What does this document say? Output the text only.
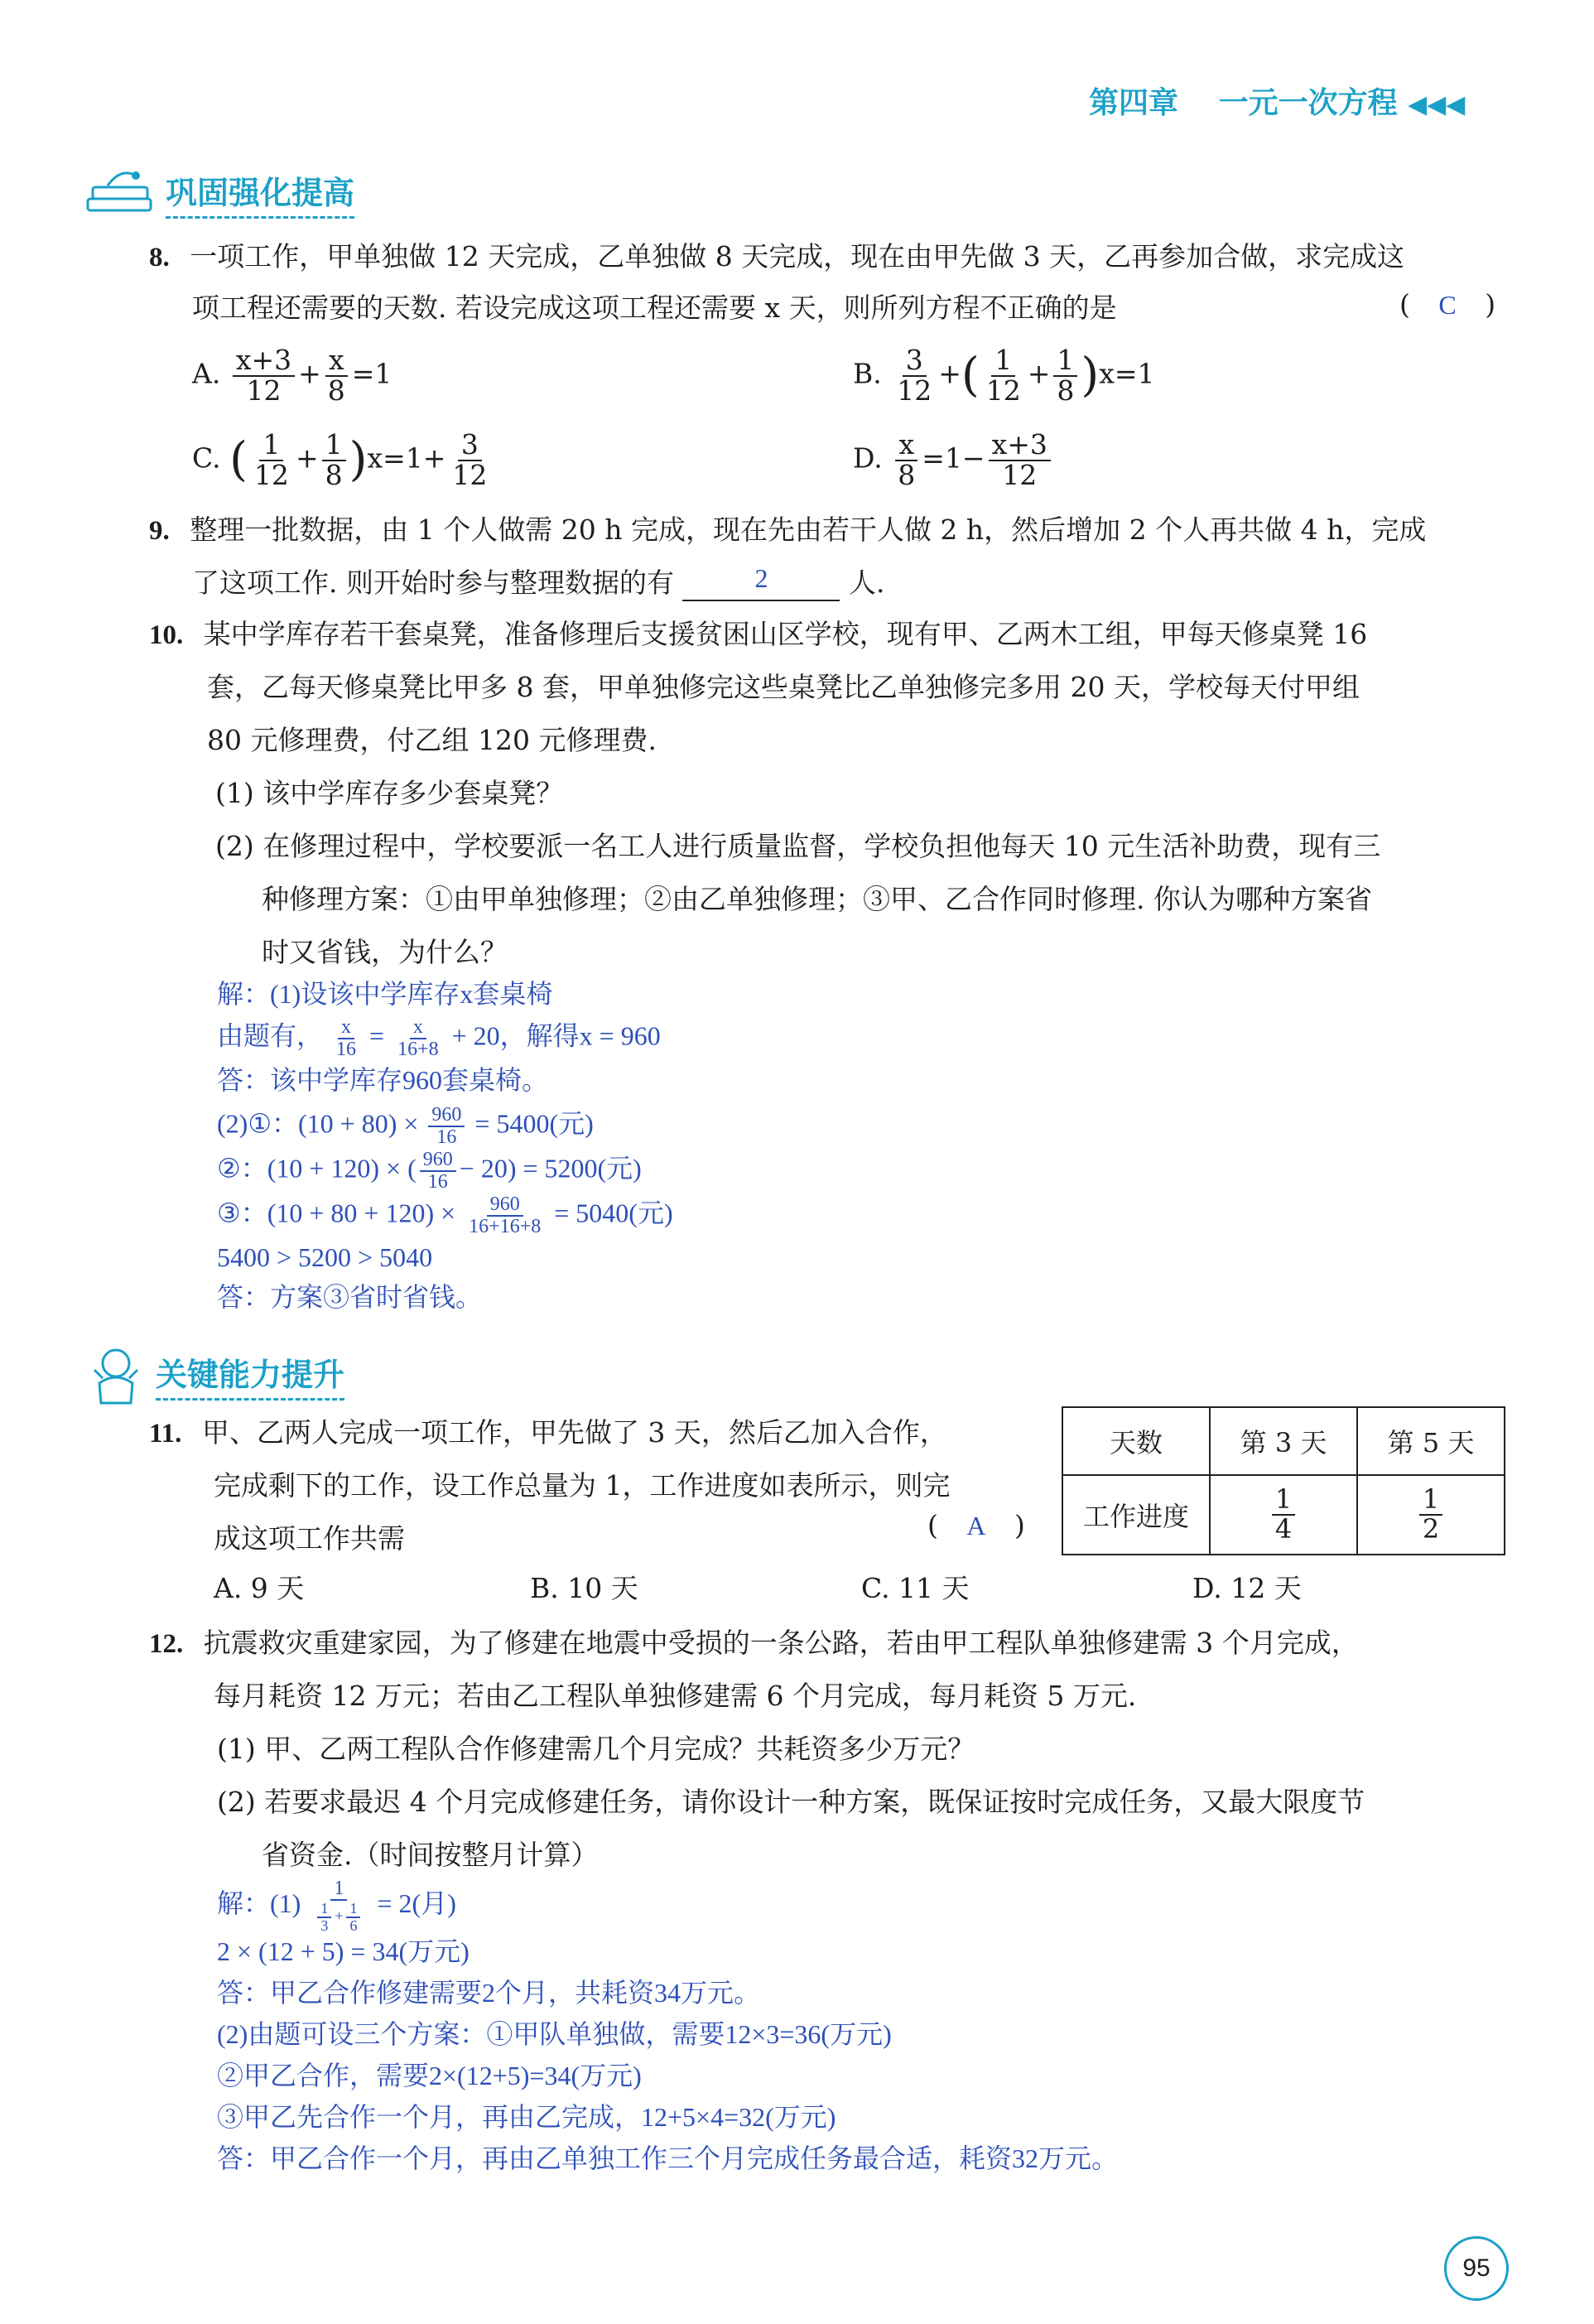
第四章 一元一次方程 ◀◀◀
巩固强化提高
8. 一项工作，甲单独做 12 天完成，乙单独做 8 天完成，现在由甲先做 3 天，乙再参加合做，求完成这
项工程还需要的天数. 若设完成这项工程还需要 x 天，则所列方程不正确的是	( C )
A. $\frac{x+3}{12} + \frac{x}{8} =1$	B. $\frac{3}{12}$ +( $\frac{1}{12} + \frac{1}{8} )x=1$
C. ( $\frac{1}{12} + \frac{1}{8} )x=1+ \frac{3}{12}$	D. $\frac{x}{8} =1- \frac{x+3}{12}$
9. 整理一批数据，由 1 个人做需 20 h 完成，现在先由若干人做 2 h，然后增加 2 个人再共做 4 h，完成
了这项工作. 则开始时参与整理数据的有	2	人.
10. 某中学库存若干套桌凳，准备修理后支援贫困山区学校，现有甲、乙两木工组，甲每天修桌凳 16
套，乙每天修桌凳比甲多 8 套，甲单独修完这些桌凳比乙单独修完多用 20 天，学校每天付甲组
80 元修理费，付乙组 120 元修理费.
(1) 该中学库存多少套桌凳？
(2) 在修理过程中，学校要派一名工人进行质量监督，学校负担他每天 10 元生活补助费，现有三
种修理方案：①由甲单独修理；②由乙单独修理；③甲、乙合作同时修理. 你认为哪种方案省
时又省钱，为什么？
解：(1)设该中学库存x套桌椅
由题有， $\frac{x}{16} = \frac{x}{16+8} + 20$，解得x = 960
答：该中学库存960套桌椅。
(2)①：$(10 + 80) \times \frac{960}{16} = 5400$(元)
②：(10 + 120) × ( $\frac{960}{16} - 20) = 5200$(元)
③：$(10 + 80 + 120) \times \frac{960}{16+16+8} = 5040$(元)
5400 > 5200 > 5040
答：方案③省时省钱。
关键能力提升
11. 甲、乙两人完成一项工作，甲先做了 3 天，然后乙加入合作，
完成剩下的工作，设工作总量为 1，工作进度如表所示，则完
成这项工作共需	( A )
天数	第 3 天	第 5 天
工作进度	$\frac{1}{4}$	$\frac{1}{2}$
A. 9 天	B. 10 天	C. 11 天	D. 12 天
12. 抗震救灾重建家园，为了修建在地震中受损的一条公路，若由甲工程队单独修建需 3 个月完成，
每月耗资 12 万元；若由乙工程队单独修建需 6 个月完成，每月耗资 5 万元.
(1) 甲、乙两工程队合作修建需几个月完成？共耗资多少万元？
(2) 若要求最迟 4 个月完成修建任务，请你设计一种方案，既保证按时完成任务，又最大限度节
省资金.（时间按整月计算）
解：$(1) \frac{1}{\frac{1}{3} + \frac{1}{6}} = 2$(月)
2 × (12 + 5) = 34(万元)
答：甲乙合作修建需要2个月，共耗资34万元。
(2)由题可设三个方案：①甲队单独做，需要12×3=36(万元)
②甲乙合作，需要2×(12+5)=34(万元)
③甲乙先合作一个月，再由乙完成，12+5×4=32(万元)
答：甲乙合作一个月，再由乙单独工作三个月完成任务最合适，耗资32万元。
95
